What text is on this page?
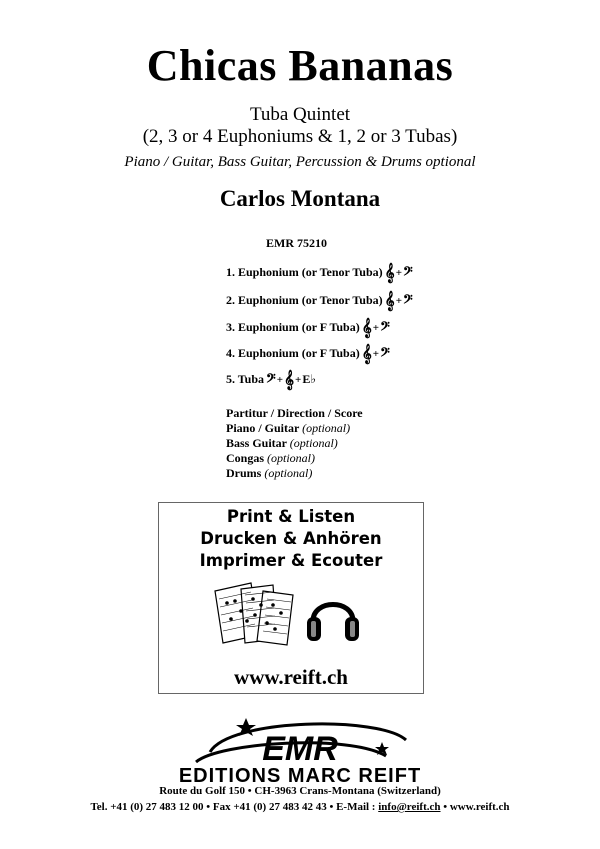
Chicas Bananas
Tuba Quintet
(2, 3 or 4 Euphoniums & 1, 2 or 3 Tubas)
Piano / Guitar, Bass Guitar, Percussion & Drums optional
Carlos Montana
EMR 75210
1. Euphonium (or Tenor Tuba) 𝄞 + 𝄢
2. Euphonium (or Tenor Tuba) 𝄞 + 𝄢
3. Euphonium (or F Tuba) 𝄞 + 𝄢
4. Euphonium (or F Tuba) 𝄞 + 𝄢
5. Tuba 𝄢 + 𝄞 + E♭
Partitur / Direction / Score
Piano / Guitar (optional)
Bass Guitar (optional)
Congas (optional)
Drums (optional)
Print & Listen
Drucken & Anhören
Imprimer & Ecouter
www.reift.ch
EMR
EDITIONS MARC REIFT
Route du Golf 150 • CH-3963 Crans-Montana (Switzerland)
Tel. +41 (0) 27 483 12 00 • Fax +41 (0) 27 483 42 43 • E-Mail : info@reift.ch • www.reift.ch
